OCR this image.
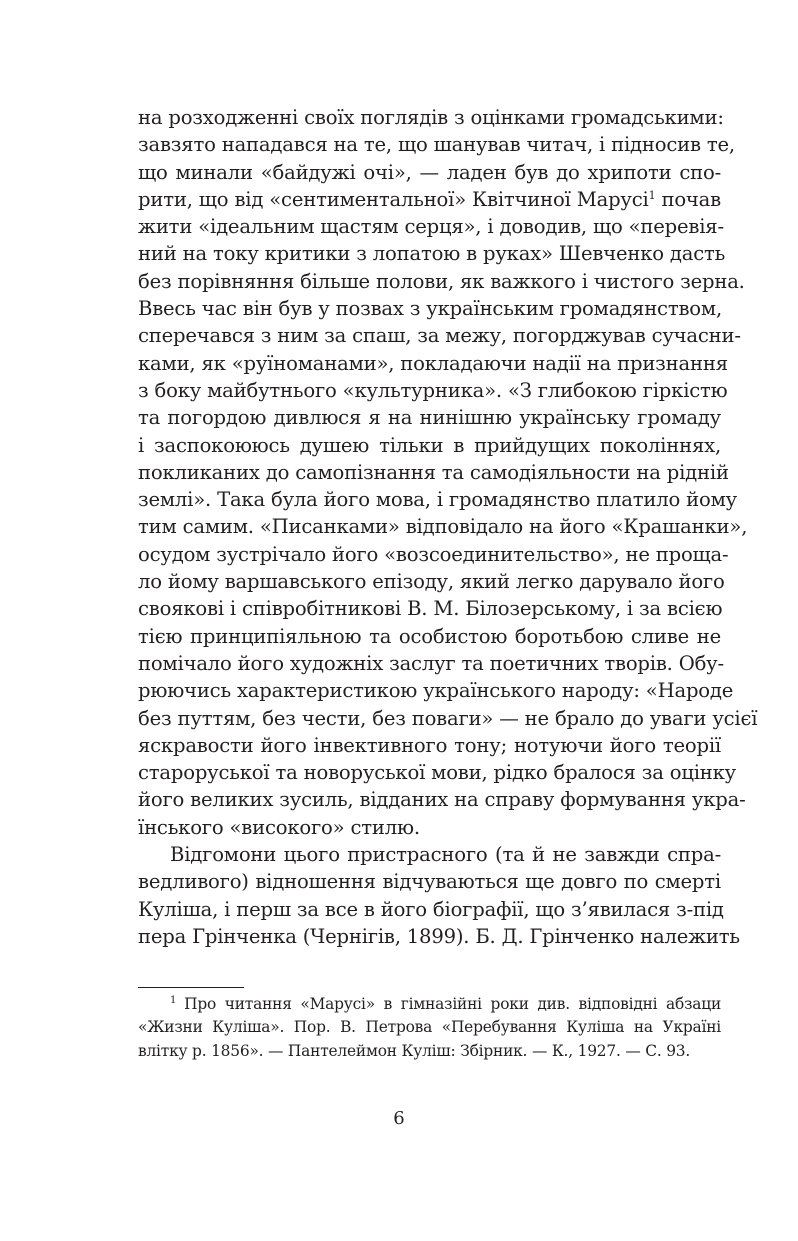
на розходженні своїх поглядів з оцінками громадськими:
завзято нападався на те, що шанував читач, і підносив те,
що минали «байдужі очі», — ладен був до хрипоти спо-
рити, що від «сентиментальної» Квітчиної Марусі$^1$ почав
жити «ідеальним щастям серця», і доводив, що «перевія-
ний на току критики з лопатою в руках» Шевченко дасть
без порівняння більше полови, як важкого і чистого зерна.
Ввесь час він був у позвах з українським громадянством,
сперечався з ним за спаш, за межу, погорджував сучасни-
ками, як «руїноманами», покладаючи надії на признання
з боку майбутнього «культурника». «З глибокою гіркістю
та погордою дивлюся я на нинішню українську громаду
і заспокоююсь душею тільки в прийдущих поколіннях,
покликаних до самопізнання та самодіяльности на рідній
землі». Така була його мова, і громадянство платило йому
тим самим. «Писанками» відповідало на його «Крашанки»,
осудом зустрічало його «возсоединительство», не проща-
ло йому варшавського епізоду, який легко дарувало його
своякові і співробітникові В. М. Білозерському, і за всією
тією принципіяльною та особистою боротьбою сливе не
помічало його художніх заслуг та поетичних творів. Обу-
рюючись характеристикою українського народу: «Народе
без путтям, без чести, без поваги» — не брало до уваги усієї
яскравости його інвективного тону; нотуючи його теорії
староруської та новоруської мови, рідко бралося за оцінку
його великих зусиль, відданих на справу формування укра-
їнського «високого» стилю.
Відгомони цього пристрасного (та й не завжди спра-
ведливого) відношення відчуваються ще довго по смерті
Куліша, і перш за все в його біографії, що з’явилася з-під
пера Грінченка (Чернігів, 1899). Б. Д. Грінченко належить
$^1$ Про читання «Марусі» в гімназійні роки див. відповідні абзаци
«Жизни Куліша». Пор. В. Петрова «Перебування Куліша на Україні
влітку р. 1856». — Пантелеймон Куліш: Збірник. — К., 1927. — С. 93.
6
